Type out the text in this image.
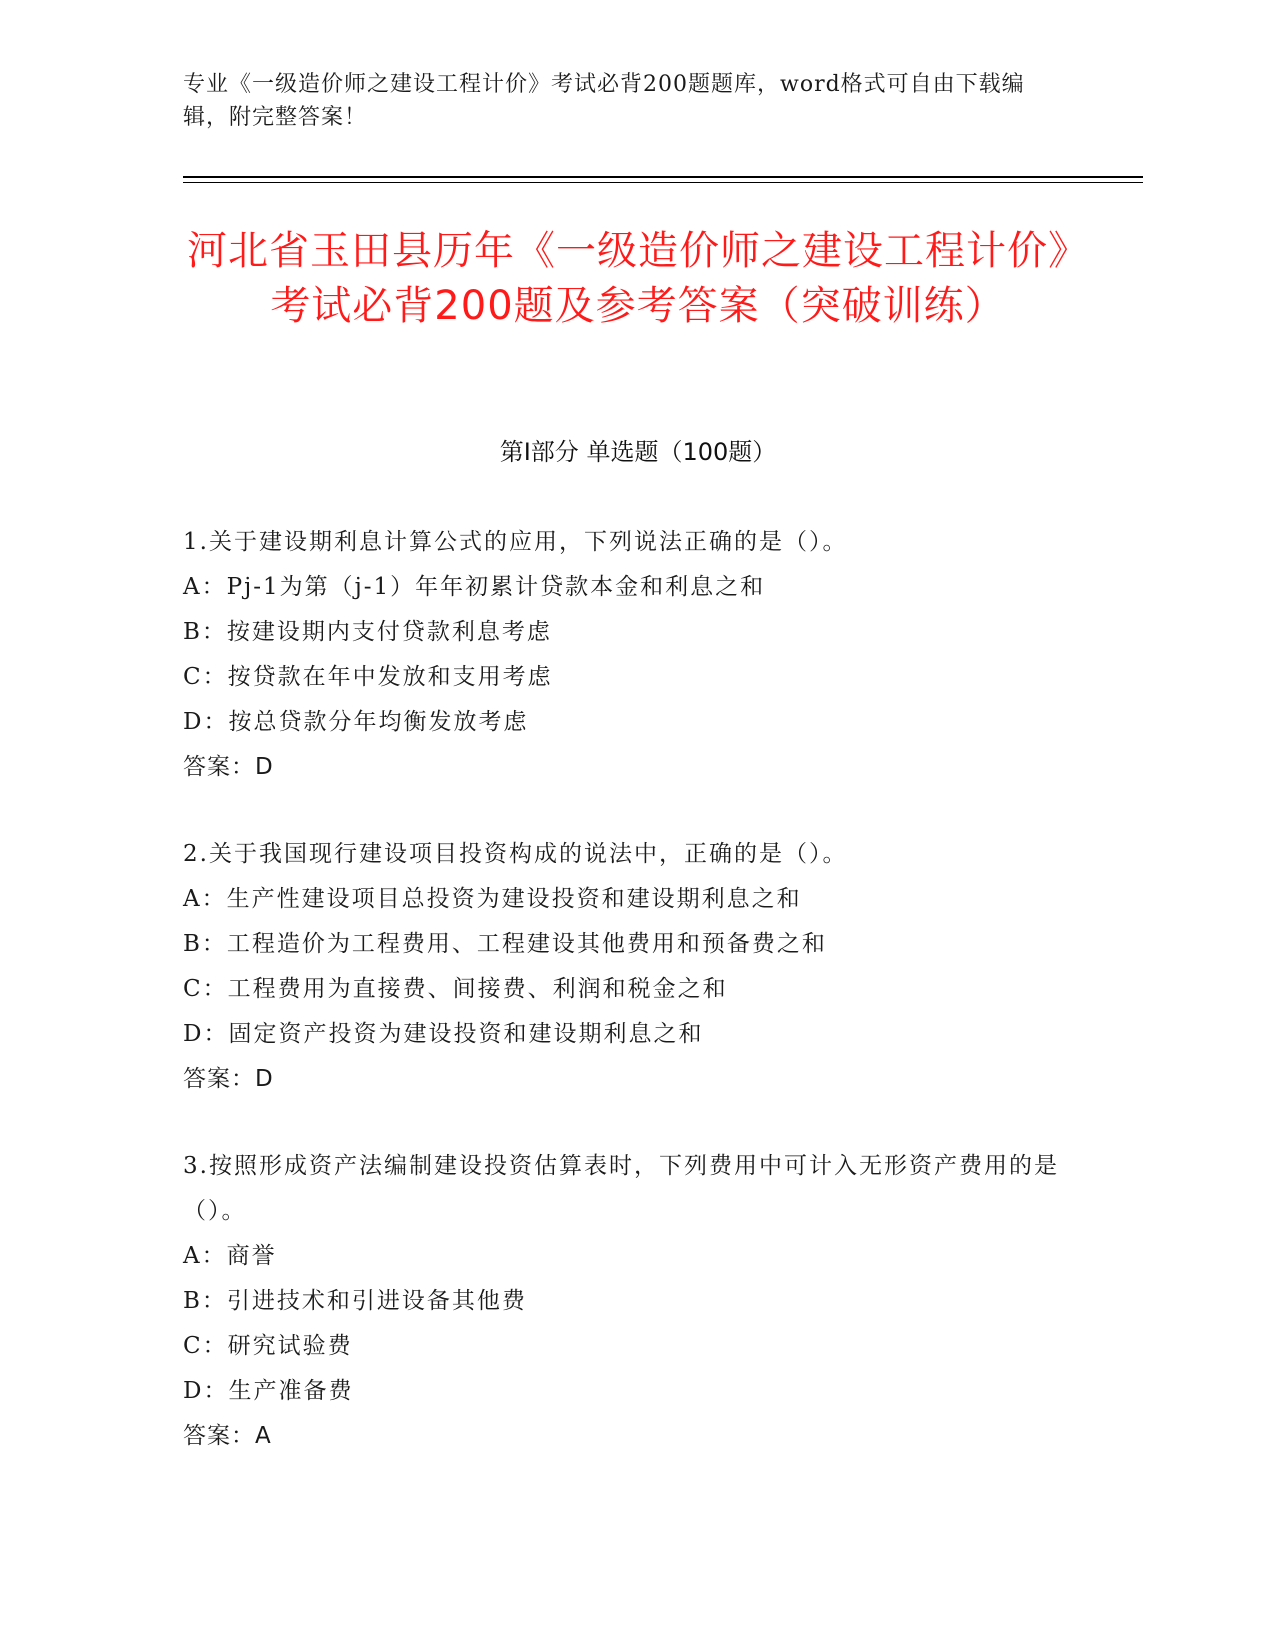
专业《一级造价师之建设工程计价》考试必背200题题库，word格式可自由下载编辑，附完整答案！
河北省玉田县历年《一级造价师之建设工程计价》考试必背200题及参考答案（突破训练）
第Ⅰ部分 单选题（100题）
1.关于建设期利息计算公式的应用，下列说法正确的是（）。
A：Pj-1为第（j-1）年年初累计贷款本金和利息之和
B：按建设期内支付贷款利息考虑
C：按贷款在年中发放和支用考虑
D：按总贷款分年均衡发放考虑
答案：D
2.关于我国现行建设项目投资构成的说法中，正确的是（）。
A：生产性建设项目总投资为建设投资和建设期利息之和
B：工程造价为工程费用、工程建设其他费用和预备费之和
C：工程费用为直接费、间接费、利润和税金之和
D：固定资产投资为建设投资和建设期利息之和
答案：D
3.按照形成资产法编制建设投资估算表时，下列费用中可计入无形资产费用的是（）。
A：商誉
B：引进技术和引进设备其他费
C：研究试验费
D：生产准备费
答案：A
